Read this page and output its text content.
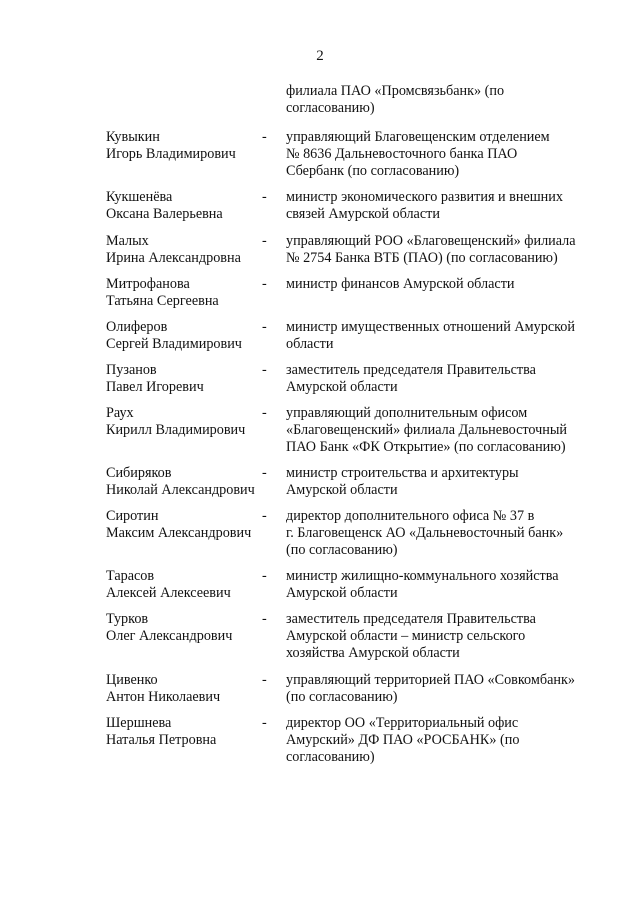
2
филиала ПАО «Промсвязьбанк» (по
согласованию)
Кувыкин
Игорь Владимирович
-	управляющий Благовещенским отделением
№ 8636 Дальневосточного банка ПАО
Сбербанк (по согласованию)
Кукшенёва
Оксана Валерьевна
-	министр экономического развития и внешних
связей Амурской области
Малых
Ирина Александровна
-	управляющий РОО «Благовещенский» филиала
№ 2754 Банка ВТБ (ПАО) (по согласованию)
Митрофанова
Татьяна Сергеевна
-	министр финансов Амурской области
Олиферов
Сергей Владимирович
-	министр имущественных отношений Амурской
области
Пузанов
Павел Игоревич
-	заместитель председателя Правительства
Амурской области
Раух
Кирилл Владимирович
-	управляющий дополнительным офисом
«Благовещенский» филиала Дальневосточный
ПАО Банк «ФК Открытие» (по согласованию)
Сибиряков
Николай Александрович
-	министр строительства и архитектуры
Амурской области
Сиротин
Максим Александрович
-	директор дополнительного офиса № 37 в
г. Благовещенск АО «Дальневосточный банк»
(по согласованию)
Тарасов
Алексей Алексеевич
-	министр жилищно-коммунального хозяйства
Амурской области
Турков
Олег Александрович
-	заместитель председателя Правительства
Амурской области – министр сельского
хозяйства Амурской области
Цивенко
Антон Николаевич
-	управляющий территорией ПАО «Совкомбанк»
(по согласованию)
Шершнева
Наталья Петровна
-	директор ОО «Территориальный офис
Амурский» ДФ ПАО «РОСБАНК» (по
согласованию)
